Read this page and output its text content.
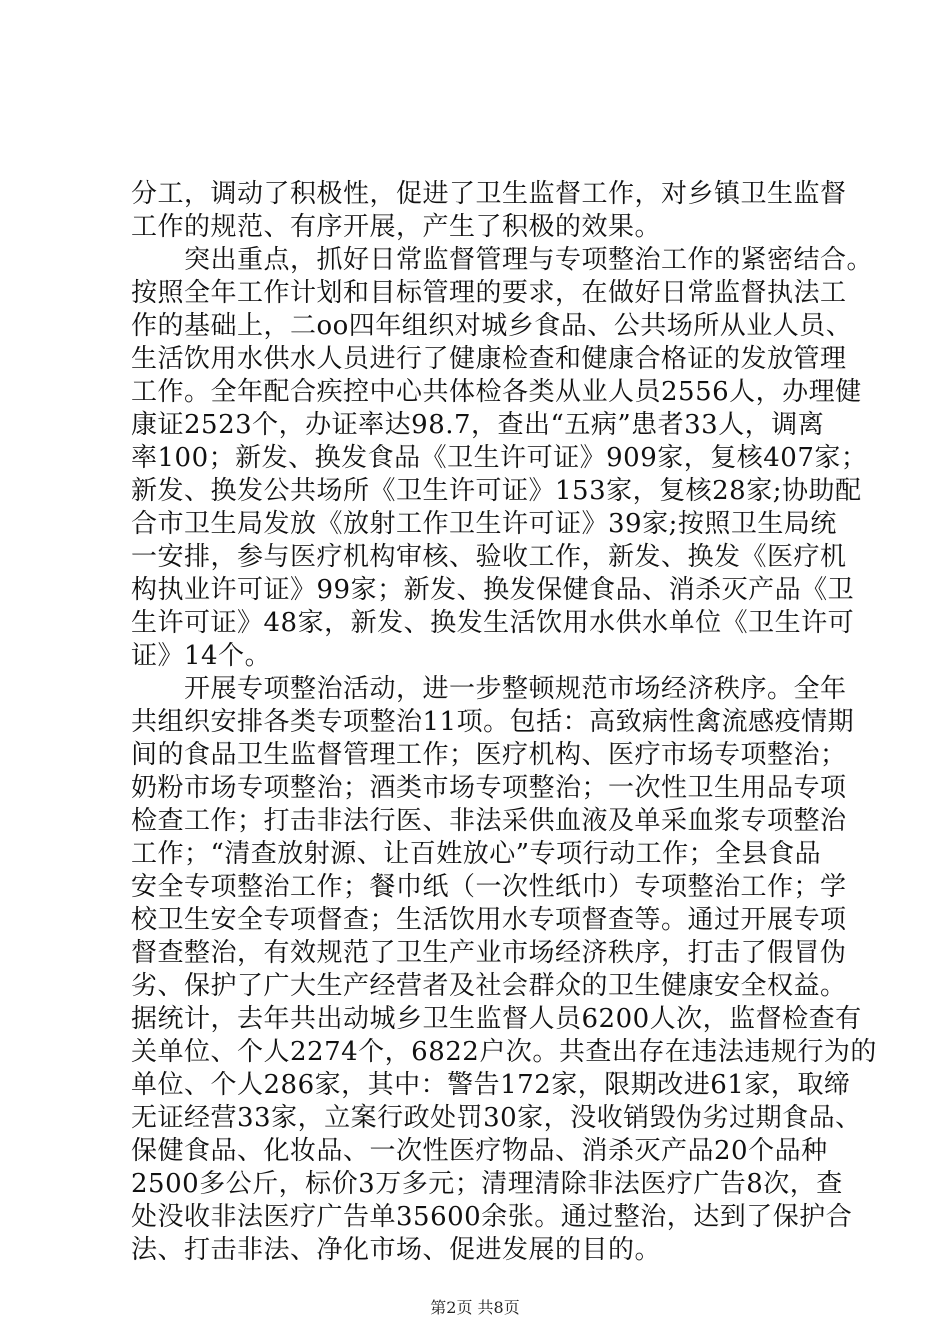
分工，调动了积极性，促进了卫生监督工作，对乡镇卫生监督
工作的规范、有序开展，产生了积极的效果。
　　突出重点，抓好日常监督管理与专项整治工作的紧密结合。
按照全年工作计划和目标管理的要求，在做好日常监督执法工
作的基础上，二oo四年组织对城乡食品、公共场所从业人员、
生活饮用水供水人员进行了健康检查和健康合格证的发放管理
工作。全年配合疾控中心共体检各类从业人员2556人，办理健
康证2523个，办证率达98.7，查出“五病”患者33人，调离
率100；新发、换发食品《卫生许可证》909家，复核407家；
新发、换发公共场所《卫生许可证》153家，复核28家;协助配
合市卫生局发放《放射工作卫生许可证》39家;按照卫生局统
一安排，参与医疗机构审核、验收工作，新发、换发《医疗机
构执业许可证》99家；新发、换发保健食品、消杀灭产品《卫
生许可证》48家，新发、换发生活饮用水供水单位《卫生许可
证》14个。
　　开展专项整治活动，进一步整顿规范市场经济秩序。全年
共组织安排各类专项整治11项。包括：高致病性禽流感疫情期
间的食品卫生监督管理工作；医疗机构、医疗市场专项整治；
奶粉市场专项整治；酒类市场专项整治；一次性卫生用品专项
检查工作；打击非法行医、非法采供血液及单采血浆专项整治
工作；“清查放射源、让百姓放心”专项行动工作；全县食品
安全专项整治工作；餐巾纸（一次性纸巾）专项整治工作；学
校卫生安全专项督查；生活饮用水专项督查等。通过开展专项
督查整治，有效规范了卫生产业市场经济秩序，打击了假冒伪
劣、保护了广大生产经营者及社会群众的卫生健康安全权益。
据统计，去年共出动城乡卫生监督人员6200人次，监督检查有
关单位、个人2274个，6822户次。共查出存在违法违规行为的
单位、个人286家，其中：警告172家，限期改进61家，取缔
无证经营33家，立案行政处罚30家，没收销毁伪劣过期食品、
保健食品、化妆品、一次性医疗物品、消杀灭产品20个品种
2500多公斤，标价3万多元；清理清除非法医疗广告8次，查
处没收非法医疗广告单35600余张。通过整治，达到了保护合
法、打击非法、净化市场、促进发展的目的。
第2页 共8页
